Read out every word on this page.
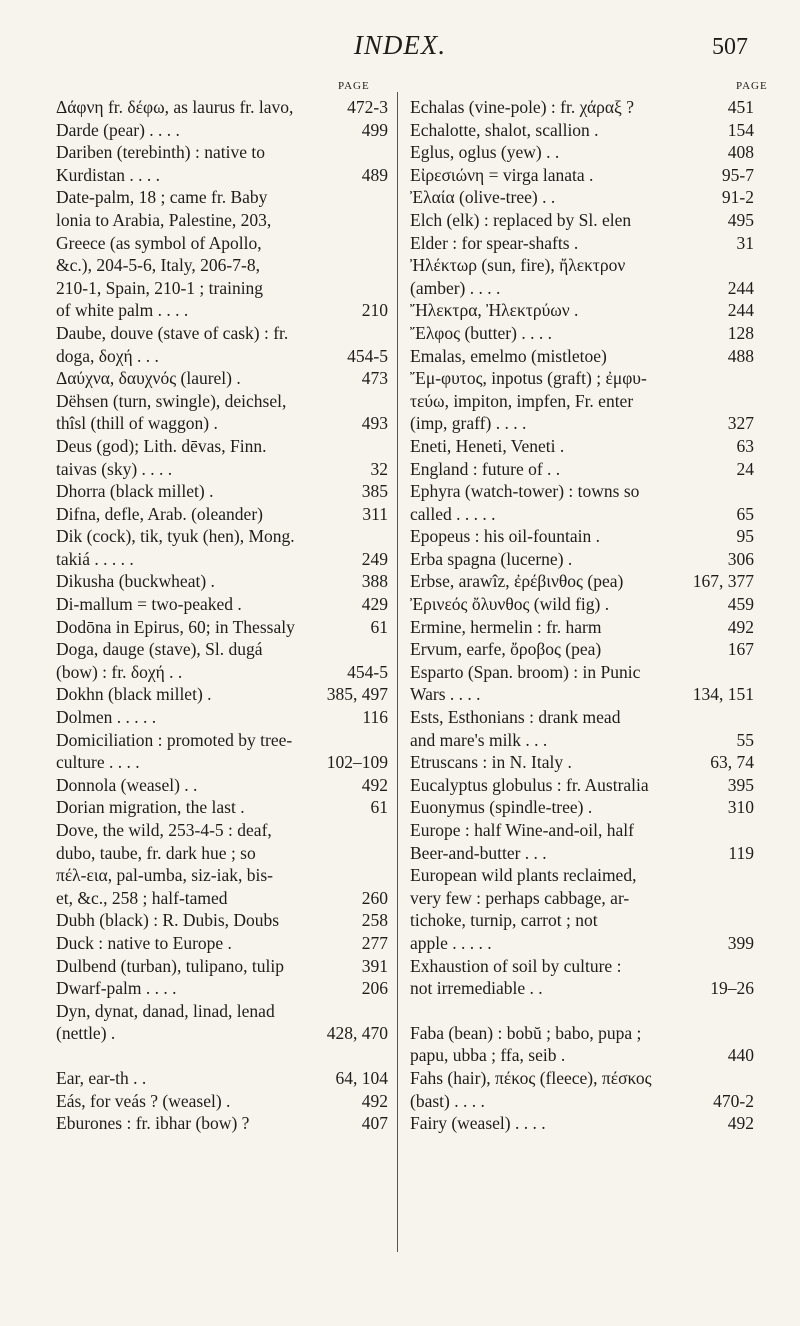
INDEX.	507
PAGE	PAGE
Δάφνη fr. δέφω, as laurus fr. lavo,	472-3
Darde (pear) . . . .	499
Dariben (terebinth) : native to
Kurdistan . . . .	489
Date-palm, 18 ; came fr. Baby
lonia to Arabia, Palestine, 203,
Greece (as symbol of Apollo,
&c.), 204-5-6, Italy, 206-7-8,
210-1, Spain, 210-1 ; training
of white palm . . . .	210
Daube, douve (stave of cask) : fr.
doga, δοχή . . .	454-5
Δαύχνα, δαυχνός (laurel) .	473
Dëhsen (turn, swingle), deichsel,
thîsl (thill of waggon) .	493
Deus (god); Lith. dēvas, Finn.
taivas (sky) . . . .	32
Dhorra (black millet) .	385
Difna, defle, Arab. (oleander)	311
Dik (cock), tik, tyuk (hen), Mong.
takiá . . . . .	249
Dikusha (buckwheat) .	388
Di-mallum = two-peaked .	429
Dodōna in Epirus, 60; in Thessaly	61
Doga, dauge (stave), Sl. dugá
(bow) : fr. δοχή . .	454-5
Dokhn (black millet) .	385, 497
Dolmen . . . . .	116
Domiciliation : promoted by tree-
culture . . . .	102–109
Donnola (weasel) . .	492
Dorian migration, the last .	61
Dove, the wild, 253-4-5 : deaf,
dubo, taube, fr. dark hue ; so
πέλ-εια, pal-umba, siz-iak, bis-
et, &c., 258 ; half-tamed	260
Dubh (black) : R. Dubis, Doubs	258
Duck : native to Europe .	277
Dulbend (turban), tulipano, tulip	391
Dwarf-palm . . . .	206
Dyn, dynat, danad, linad, lenad
(nettle) .	428, 470
Ear, ear-th . .	64, 104
Eás, for veás ? (weasel) .	492
Eburones : fr. ibhar (bow) ?	407
Echalas (vine-pole) : fr. χάραξ ?	451
Echalotte, shalot, scallion .	154
Eglus, oglus (yew) . .	408
Εἰρεσιώνη = virga lanata .	95-7
Ἐλαία (olive-tree) . .	91-2
Elch (elk) : replaced by Sl. elen	495
Elder : for spear-shafts .	31
Ἠλέκτωρ (sun, fire), ἤλεκτρον
(amber) . . . .	244
Ἤλεκτρα, Ἠλεκτρύων .	244
Ἔλφος (butter) . . . .	128
Emalas, emelmo (mistletoe)	488
Ἔμ-φυτος, inpotus (graft) ; ἐμφυ-
τεύω, impiton, impfen, Fr. enter
(imp, graff) . . . .	327
Eneti, Heneti, Veneti .	63
England : future of . .	24
Ephyra (watch-tower) : towns so
called . . . . .	65
Epopeus : his oil-fountain .	95
Erba spagna (lucerne) .	306
Erbse, arawîz, ἐρέβινθος (pea)	167, 377
Ἐρινεός ὄλυνθος (wild fig) .	459
Ermine, hermelin : fr. harm	492
Ervum, earfe, ὄροβος (pea)	167
Esparto (Span. broom) : in Punic
Wars . . . .	134, 151
Ests, Esthonians : drank mead
and mare's milk . . .	55
Etruscans : in N. Italy .	63, 74
Eucalyptus globulus : fr. Australia	395
Euonymus (spindle-tree) .	310
Europe : half Wine-and-oil, half
Beer-and-butter . . .	119
European wild plants reclaimed,
very few : perhaps cabbage, ar-
tichoke, turnip, carrot ; not
apple . . . . .	399
Exhaustion of soil by culture :
not irremediable . .	19–26
Faba (bean) : bobŭ ; babo, pupa ;
papu, ubba ; ffa, seib .	440
Fahs (hair), πέκος (fleece), πέσκος
(bast) . . . .	470-2
Fairy (weasel) . . . .	492
